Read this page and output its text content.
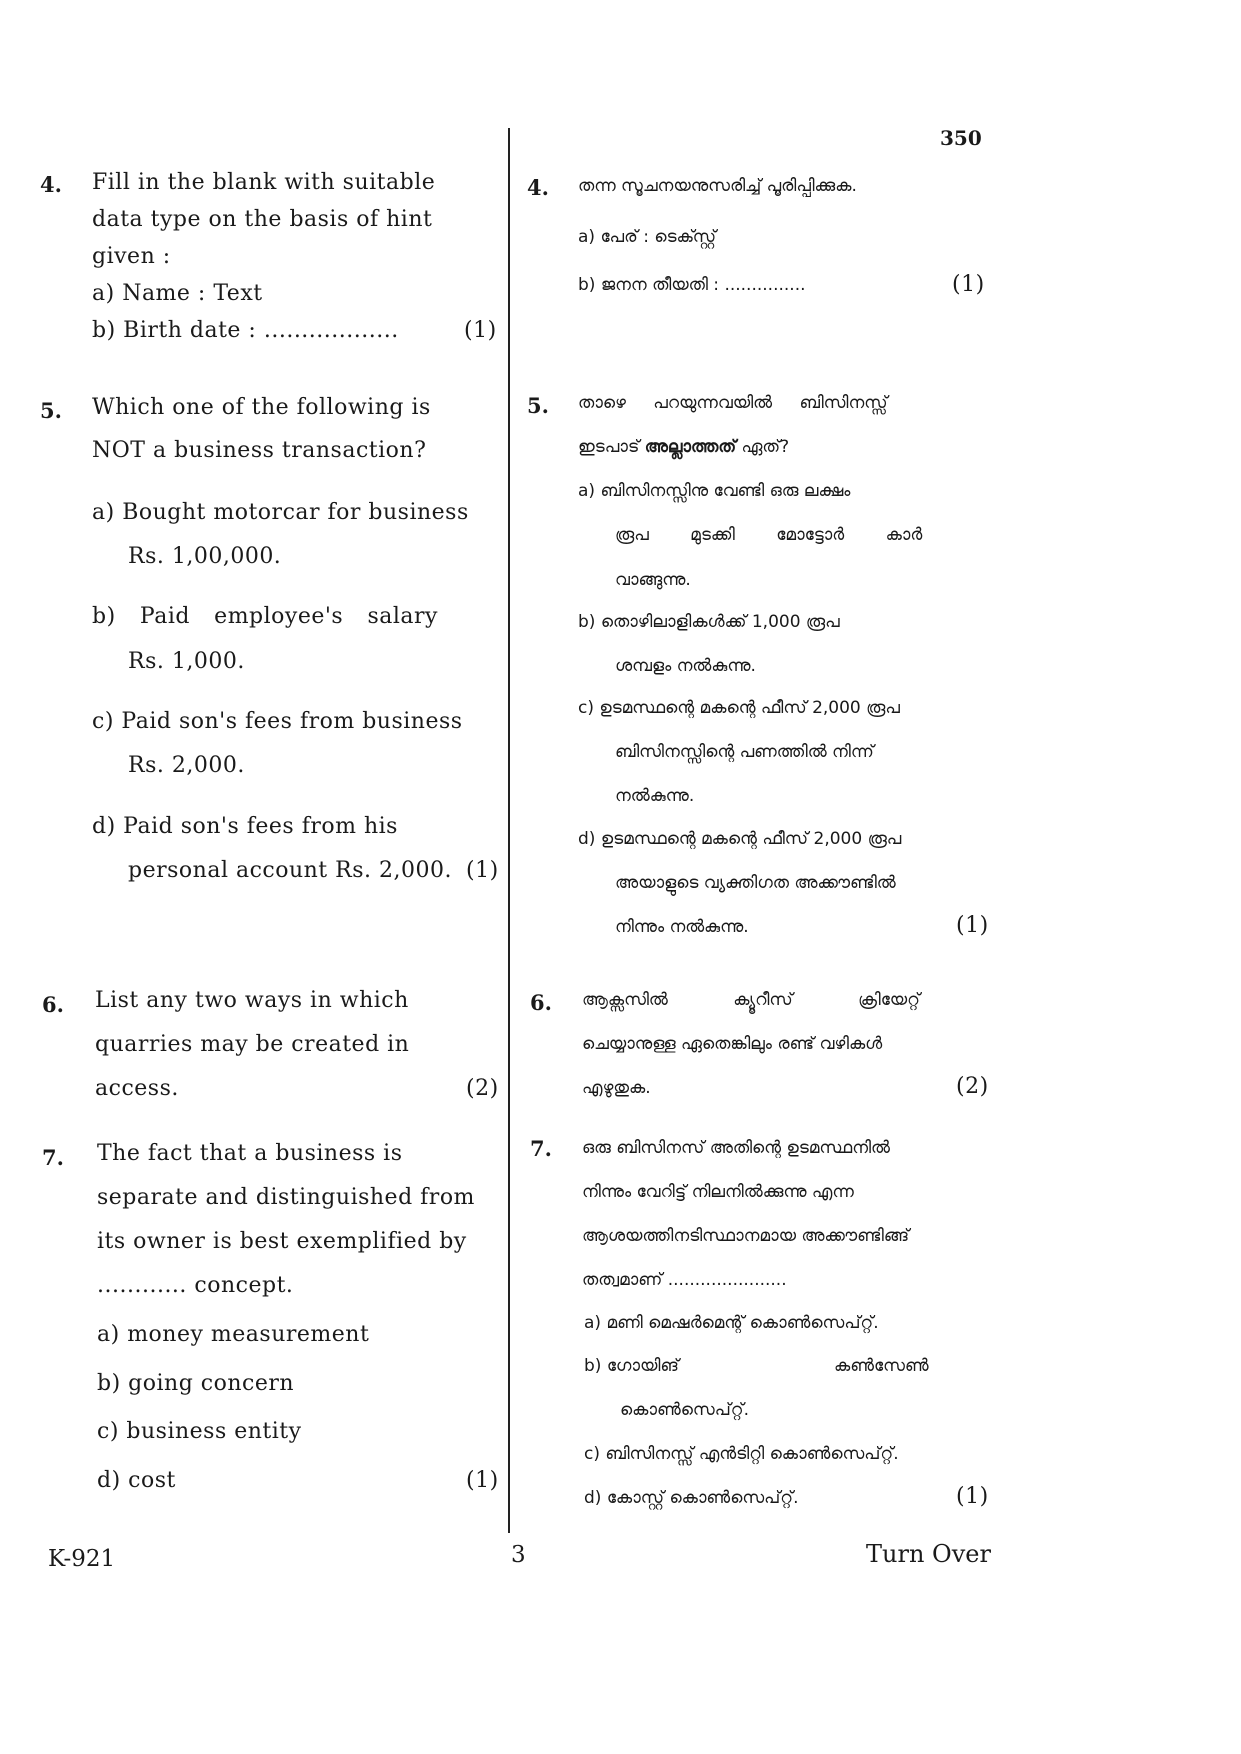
350
4. Fill in the blank with suitable
data type on the basis of hint
given :
a) Name : Text
b) Birth date : ..................	(1)
5. Which one of the following is
NOT a business transaction?
a) Bought motorcar for business
Rs. 1,00,000.
b) Paid employee's salary
Rs. 1,000.
c) Paid son's fees from business
Rs. 2,000.
d) Paid son's fees from his
personal account Rs. 2,000. (1)
6. List any two ways in which
quarries may be created in
access.	(2)
7. The fact that a business is
separate and distinguished from
its owner is best exemplified by
............ concept.
a) money measurement
b) going concern
c) business entity
d) cost	(1)
4. തന്ന സൂചനയനുസരിച്ച് പൂരിപ്പിക്കുക.
a) പേര് : ടെക്സ്റ്റ്
b) ജനന തീയതി : ...............	(1)
5. താഴെ പറയുന്നവയിൽ ബിസിനസ്സ്
ഇടപാട് അല്ലാത്തത് ഏത്?
a) ബിസിനസ്സിനു വേണ്ടി ഒരു ലക്ഷം
രൂപ മുടക്കി മോട്ടോർ കാർ
വാങ്ങുന്നു.
b) തൊഴിലാളികൾക്ക് 1,000 രൂപ
ശമ്പളം നൽകുന്നു.
c) ഉടമസ്ഥന്റെ മകന്റെ ഫീസ് 2,000 രൂപ
ബിസിനസ്സിന്റെ പണത്തിൽ നിന്ന്
നൽകുന്നു.
d) ഉടമസ്ഥന്റെ മകന്റെ ഫീസ് 2,000 രൂപ
അയാളുടെ വ്യക്തിഗത അക്കൗണ്ടിൽ
നിന്നും നൽകുന്നു.	(1)
6. ആക്സസിൽ ക്യൂറീസ് ക്രിയേറ്റ്
ചെയ്യാനുള്ള ഏതെങ്കിലും രണ്ട് വഴികൾ
എഴുതുക.	(2)
7. ഒരു ബിസിനസ് അതിന്റെ ഉടമസ്ഥനിൽ
നിന്നും വേറിട്ട് നിലനിൽക്കുന്നു എന്ന
ആശയത്തിനടിസ്ഥാനമായ അക്കൗണ്ടിങ്ങ്
തത്വമാണ് ......................
a) മണി മെഷർമെന്റ് കൊൺസെപ്റ്റ്.
b) ഗോയിങ്	കൺസേൺ
കൊൺസെപ്റ്റ്.
c) ബിസിനസ്സ് എൻടിറ്റി കൊൺസെപ്റ്റ്.
d) കോസ്റ്റ് കൊൺസെപ്റ്റ്.	(1)
K-921	3	Turn Over
